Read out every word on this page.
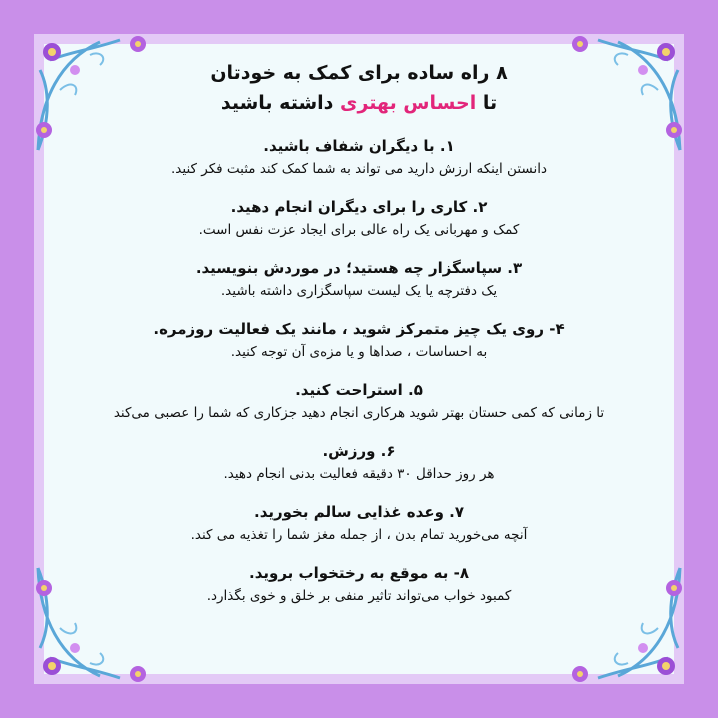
۸ راه ساده برای کمک به خودتان
تا احساس بهتری داشته باشید
۱. با دیگران شفاف باشید.
دانستن اینکه ارزش دارید می تواند به شما کمک کند مثبت فکر کنید.
۲. کاری را برای دیگران انجام دهید.
کمک و مهربانی یک راه عالی برای ایجاد عزت نفس است.
۳. سپاسگزار چه هستید؛ در موردش بنویسید.
یک دفترچه یا یک لیست سپاسگزاری داشته باشید.
۴- روی یک چیز متمرکز شوید ، مانند یک فعالیت روزمره.
به احساسات ، صداها و یا مزه‌ی آن توجه کنید.
۵. استراحت کنید.
تا زمانی که کمی حستان بهتر شوید هرکاری انجام دهید جزکاری که شما را عصبی می‌کند
۶. ورزش.
هر روز حداقل ۳۰ دقیقه فعالیت بدنی انجام دهید.
۷. وعده غذایی سالم بخورید.
آنچه می‌خورید تمام بدن ، از جمله مغز شما را تغذیه می کند.
۸- به موقع به رختخواب بروید.
کمبود خواب می‌تواند تاثیر منفی بر خلق و خوی بگذارد.
